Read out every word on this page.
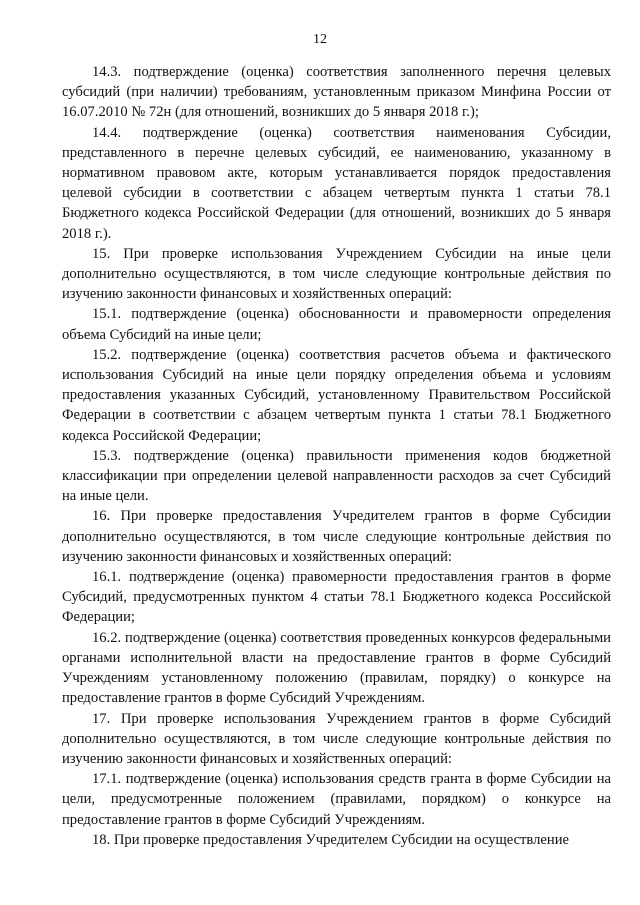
12

14.3. подтверждение (оценка) соответствия заполненного перечня целевых субсидий (при наличии) требованиям, установленным приказом Минфина России от 16.07.2010 № 72н (для отношений, возникших до 5 января 2018 г.);

14.4. подтверждение (оценка) соответствия наименования Субсидии, представленного в перечне целевых субсидий, ее наименованию, указанному в нормативном правовом акте, которым устанавливается порядок предоставления целевой субсидии в соответствии с абзацем четвертым пункта 1 статьи 78.1 Бюджетного кодекса Российской Федерации (для отношений, возникших до 5 января 2018 г.).

15. При проверке использования Учреждением Субсидии на иные цели дополнительно осуществляются, в том числе следующие контрольные действия по изучению законности финансовых и хозяйственных операций:

15.1. подтверждение (оценка) обоснованности и правомерности определения объема Субсидий на иные цели;

15.2. подтверждение (оценка) соответствия расчетов объема и фактического использования Субсидий на иные цели порядку определения объема и условиям предоставления указанных Субсидий, установленному Правительством Российской Федерации в соответствии с абзацем четвертым пункта 1 статьи 78.1 Бюджетного кодекса Российской Федерации;

15.3. подтверждение (оценка) правильности применения кодов бюджетной классификации при определении целевой направленности расходов за счет Субсидий на иные цели.

16. При проверке предоставления Учредителем грантов в форме Субсидии дополнительно осуществляются, в том числе следующие контрольные действия по изучению законности финансовых и хозяйственных операций:

16.1. подтверждение (оценка) правомерности предоставления грантов в форме Субсидий, предусмотренных пунктом 4 статьи 78.1 Бюджетного кодекса Российской Федерации;

16.2. подтверждение (оценка) соответствия проведенных конкурсов федеральными органами исполнительной власти на предоставление грантов в форме Субсидий Учреждениям установленному положению (правилам, порядку) о конкурсе на предоставление грантов в форме Субсидий Учреждениям.

17. При проверке использования Учреждением грантов в форме Субсидий дополнительно осуществляются, в том числе следующие контрольные действия по изучению законности финансовых и хозяйственных операций:

17.1. подтверждение (оценка) использования средств гранта в форме Субсидии на цели, предусмотренные положением (правилами, порядком) о конкурсе на предоставление грантов в форме Субсидий Учреждениям.

18. При проверке предоставления Учредителем Субсидии на осуществление
